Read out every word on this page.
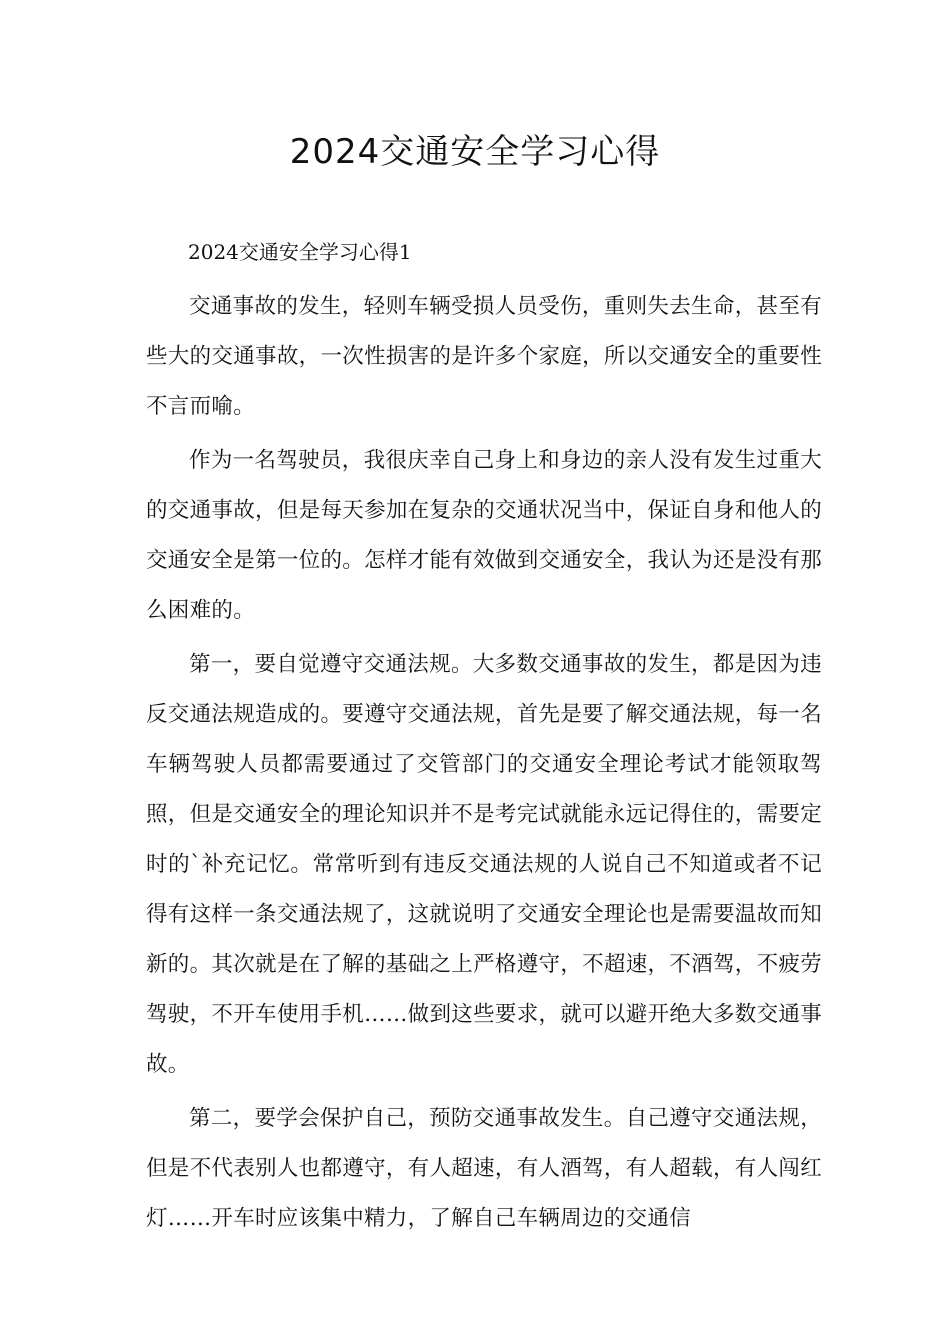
2024交通安全学习心得
2024交通安全学习心得1

交通事故的发生，轻则车辆受损人员受伤，重则失去生命，甚至有些大的交通事故，一次性损害的是许多个家庭，所以交通安全的重要性不言而喻。

作为一名驾驶员，我很庆幸自己身上和身边的亲人没有发生过重大的交通事故，但是每天参加在复杂的交通状况当中，保证自身和他人的交通安全是第一位的。怎样才能有效做到交通安全，我认为还是没有那么困难的。

第一，要自觉遵守交通法规。大多数交通事故的发生，都是因为违反交通法规造成的。要遵守交通法规，首先是要了解交通法规，每一名车辆驾驶人员都需要通过了交管部门的交通安全理论考试才能领取驾照，但是交通安全的理论知识并不是考完试就能永远记得住的，需要定时的`补充记忆。常常听到有违反交通法规的人说自己不知道或者不记得有这样一条交通法规了，这就说明了交通安全理论也是需要温故而知新的。其次就是在了解的基础之上严格遵守，不超速，不酒驾，不疲劳驾驶，不开车使用手机……做到这些要求，就可以避开绝大多数交通事故。

第二，要学会保护自己，预防交通事故发生。自己遵守交通法规，但是不代表别人也都遵守，有人超速，有人酒驾，有人超载，有人闯红灯……开车时应该集中精力，了解自己车辆周边的交通信
